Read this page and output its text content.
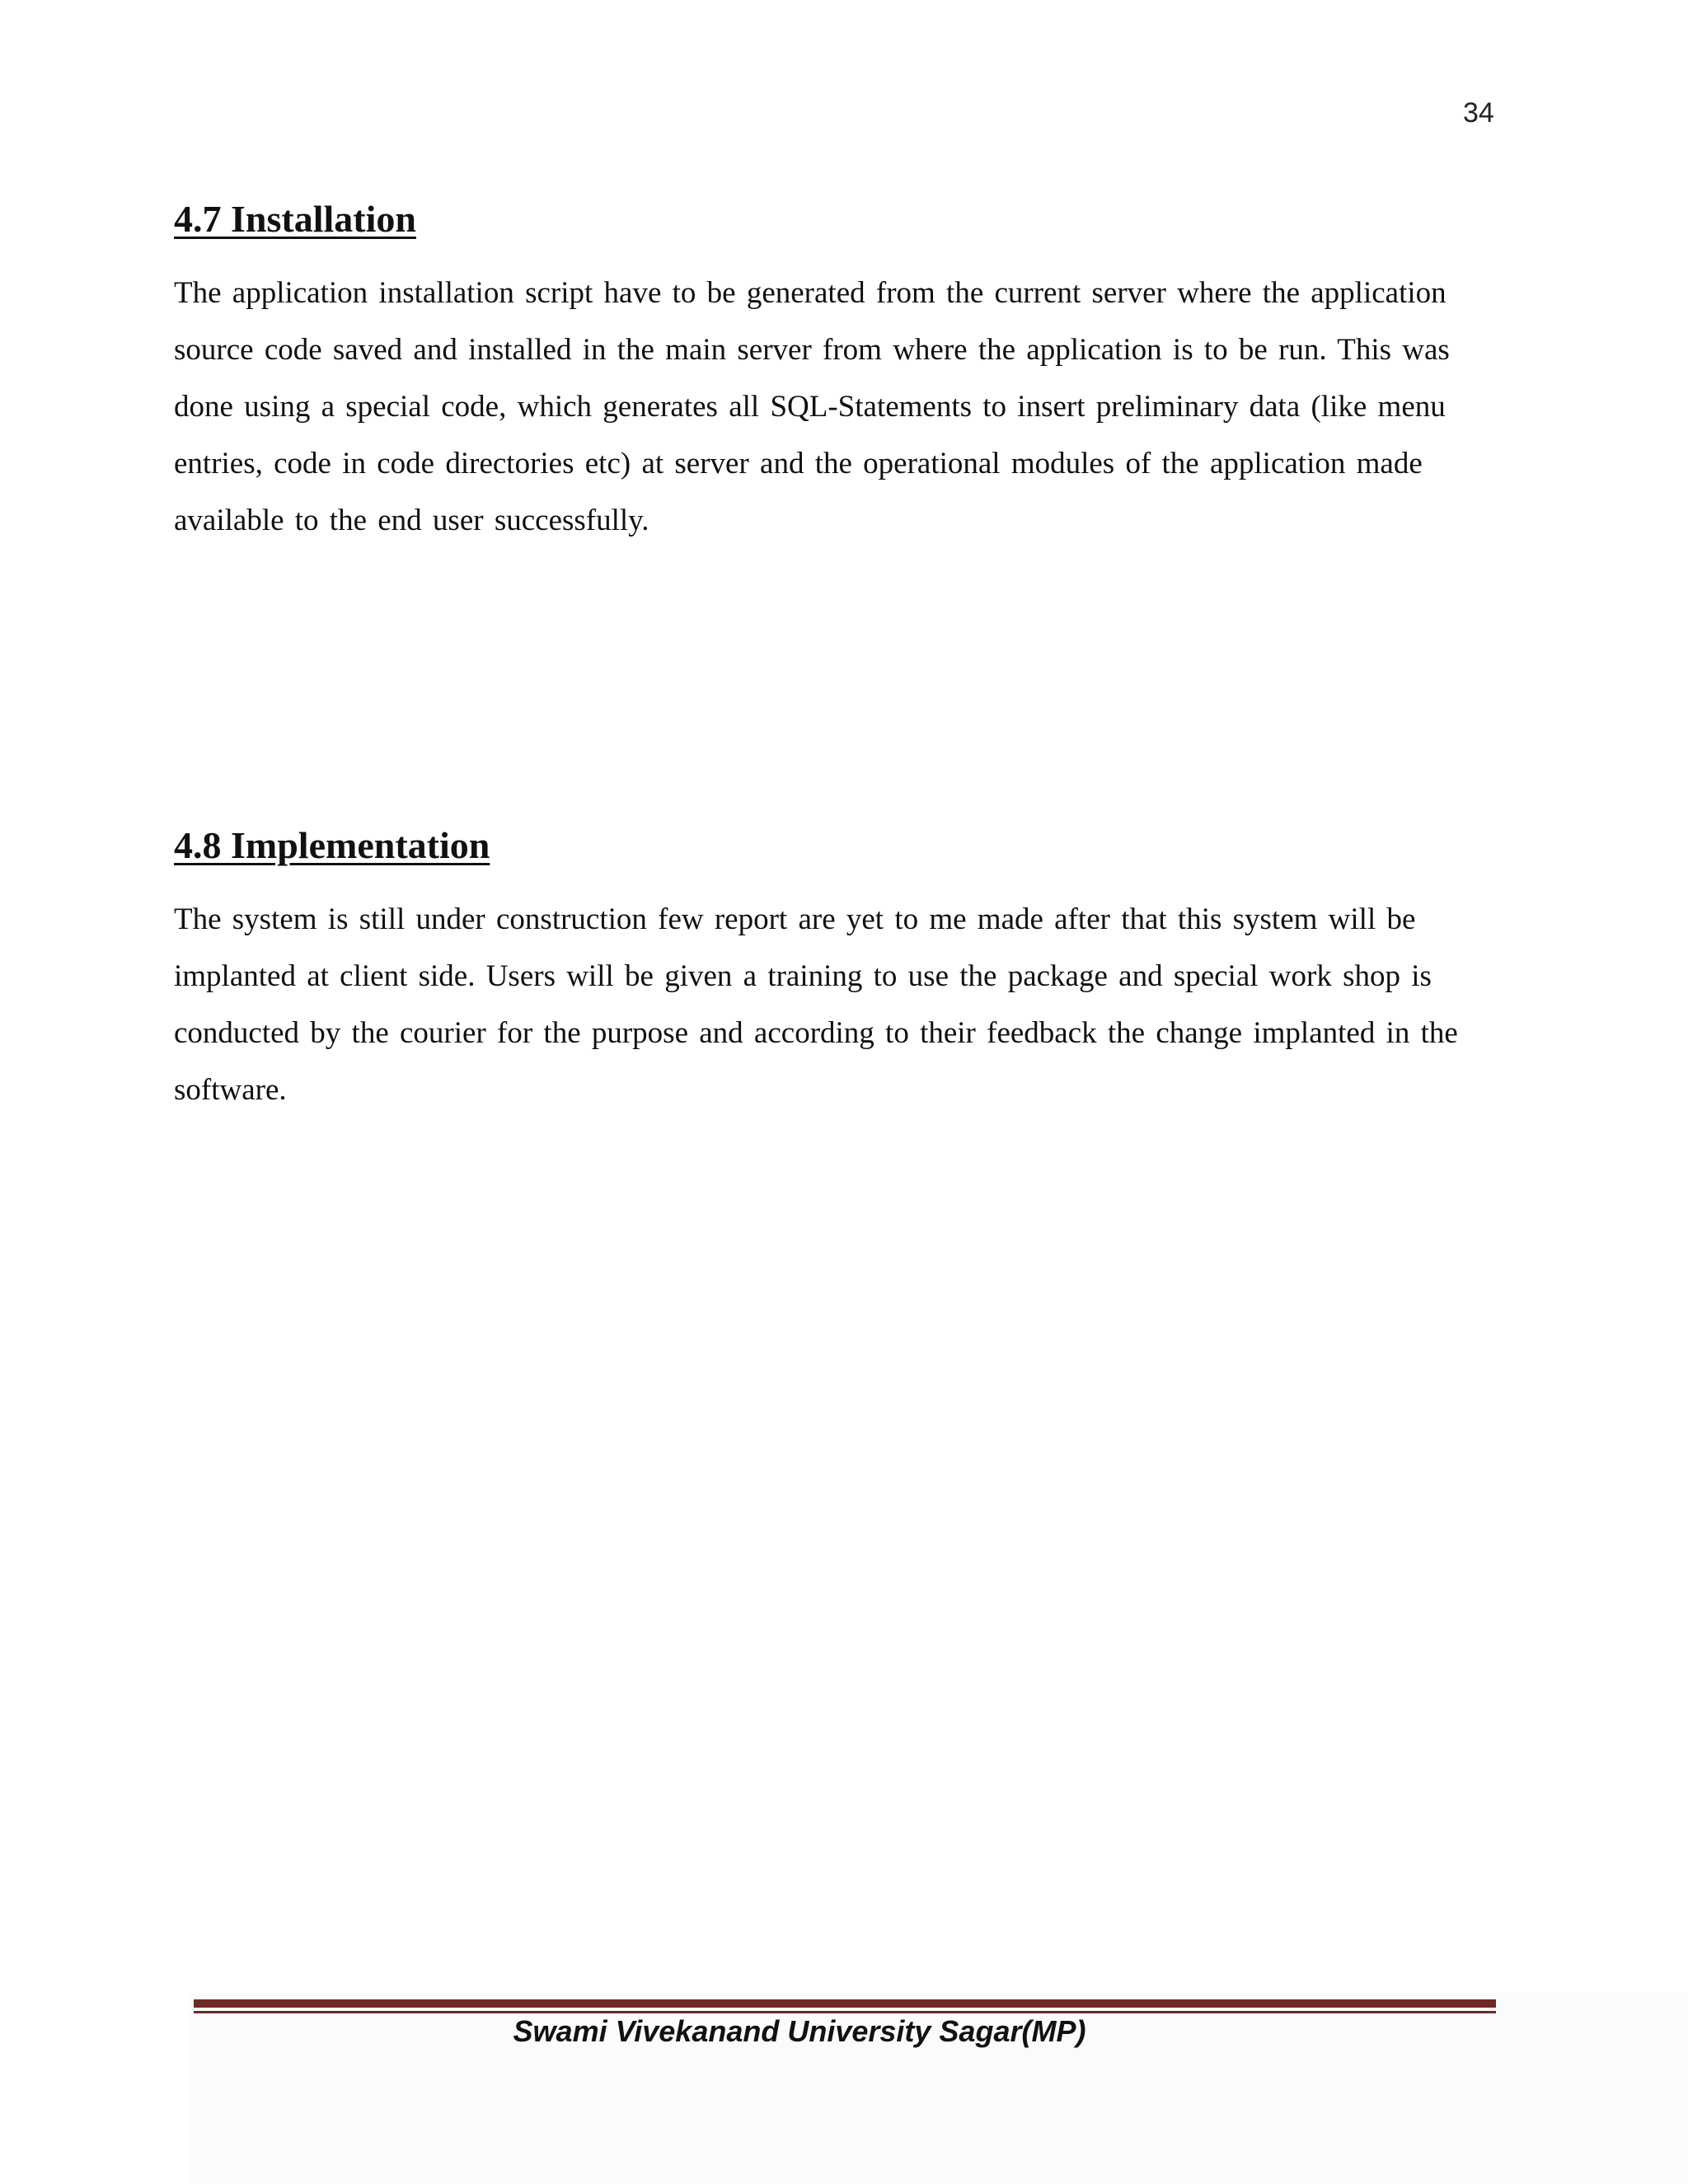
34
4.7 Installation

The application installation script have to be generated from the current server where the application source code saved and installed in the main server from where the application is to be run. This was done using a special code, which generates all SQL-Statements to insert preliminary data (like menu entries, code in code directories etc) at server and the operational modules of the application made available to the end user successfully.

4.8 Implementation

The system is still under construction few report are yet to me made after that this system will be implanted at client side. Users will be given a training to use the package and special work shop is conducted by the courier for the purpose and according to their feedback the change implanted in the software.

Swami Vivekanand University Sagar(MP)
